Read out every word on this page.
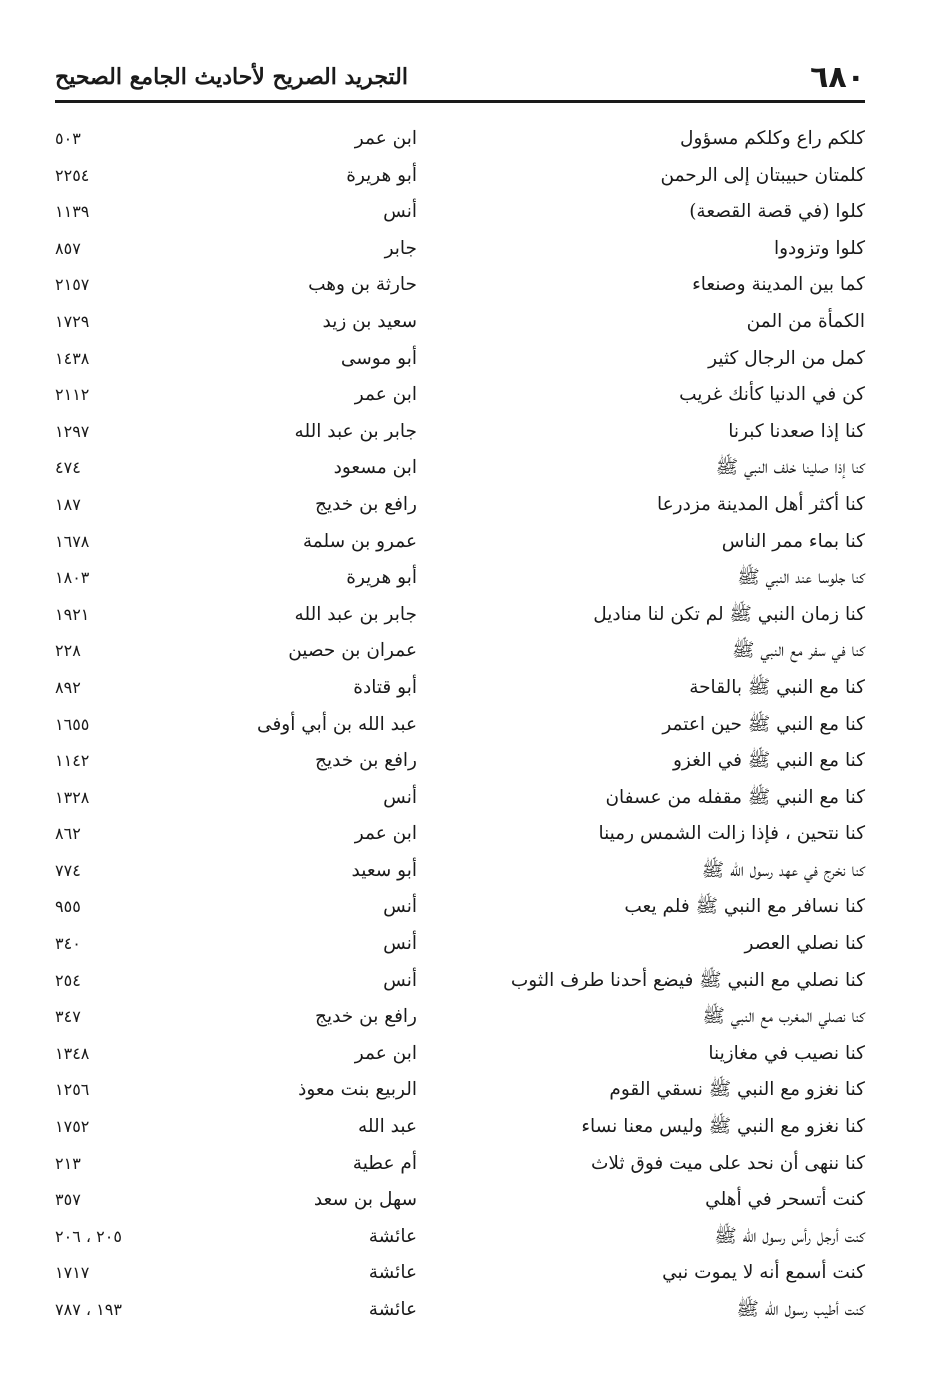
٦٨٠
التجريد الصريح لأحاديث الجامع الصحيح
كلكم راع وكلكم مسؤول
ابن عمر
٥٠٣
كلمتان حبيبتان إلى الرحمن
أبو هريرة
٢٢٥٤
كلوا (في قصة القصعة)
أنس
١١٣٩
كلوا وتزودوا
جابر
٨٥٧
كما بين المدينة وصنعاء
حارثة بن وهب
٢١٥٧
الكمأة من المن
سعيد بن زيد
١٧٢٩
كمل من الرجال كثير
أبو موسى
١٤٣٨
كن في الدنيا كأنك غريب
ابن عمر
٢١١٢
كنا إذا صعدنا كبرنا
جابر بن عبد الله
١٢٩٧
كنا إذا صلينا خلف النبي ﷺ
ابن مسعود
٤٧٤
كنا أكثر أهل المدينة مزدرعا
رافع بن خديج
١٨٧
كنا بماء ممر الناس
عمرو بن سلمة
١٦٧٨
كنا جلوسا عند النبي ﷺ
أبو هريرة
١٨٠٣
كنا زمان النبي ﷺ لم تكن لنا مناديل
جابر بن عبد الله
١٩٢١
كنا في سفر مع النبي ﷺ
عمران بن حصين
٢٢٨
كنا مع النبي ﷺ بالقاحة
أبو قتادة
٨٩٢
كنا مع النبي ﷺ حين اعتمر
عبد الله بن أبي أوفى
١٦٥٥
كنا مع النبي ﷺ في الغزو
رافع بن خديج
١١٤٢
كنا مع النبي ﷺ مقفله من عسفان
أنس
١٣٢٨
كنا نتحين ، فإذا زالت الشمس رمينا
ابن عمر
٨٦٢
كنا نخرج في عهد رسول الله ﷺ
أبو سعيد
٧٧٤
كنا نسافر مع النبي ﷺ فلم يعب
أنس
٩٥٥
كنا نصلي العصر
أنس
٣٤٠
كنا نصلي مع النبي ﷺ فيضع أحدنا طرف الثوب
أنس
٢٥٤
كنا نصلي المغرب مع النبي ﷺ
رافع بن خديج
٣٤٧
كنا نصيب في مغازينا
ابن عمر
١٣٤٨
كنا نغزو مع النبي ﷺ نسقي القوم
الربيع بنت معوذ
١٢٥٦
كنا نغزو مع النبي ﷺ وليس معنا نساء
عبد الله
١٧٥٢
كنا ننهى أن نحد على ميت فوق ثلاث
أم عطية
٢١٣
كنت أتسحر في أهلي
سهل بن سعد
٣٥٧
كنت أرجل رأس رسول الله ﷺ
عائشة
٢٠٥ ، ٢٠٦
كنت أسمع أنه لا يموت نبي
عائشة
١٧١٧
كنت أطيب رسول الله ﷺ
عائشة
١٩٣ ، ٧٨٧
